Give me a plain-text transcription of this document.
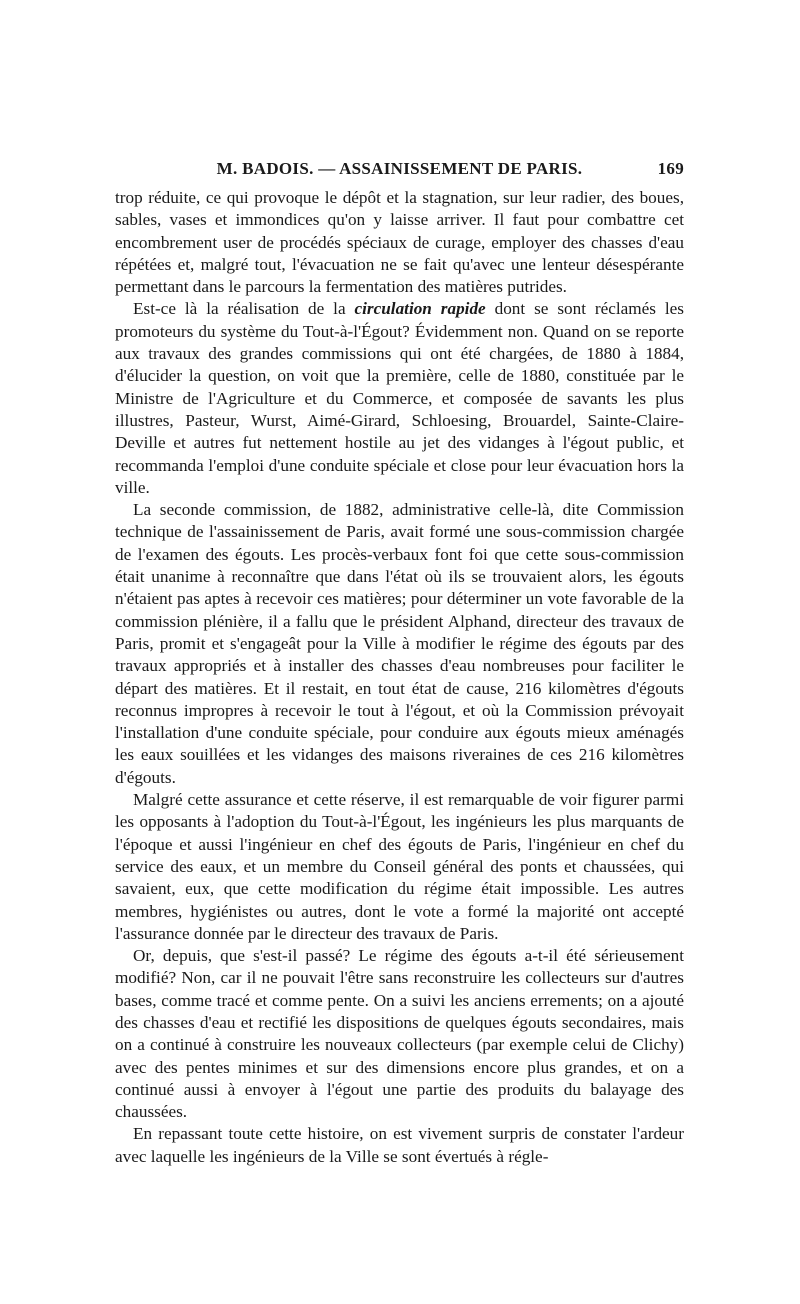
M. BADOIS. — ASSAINISSEMENT DE PARIS.	169

trop réduite, ce qui provoque le dépôt et la stagnation, sur leur radier, des boues, sables, vases et immondices qu'on y laisse arriver. Il faut pour combattre cet encombrement user de procédés spéciaux de curage, employer des chasses d'eau répétées et, malgré tout, l'évacuation ne se fait qu'avec une lenteur désespérante permettant dans le parcours la fermentation des matières putrides.

Est-ce là la réalisation de la circulation rapide dont se sont réclamés les promoteurs du système du Tout-à-l'Égout? Évidemment non. Quand on se reporte aux travaux des grandes commissions qui ont été chargées, de 1880 à 1884, d'élucider la question, on voit que la première, celle de 1880, constituée par le Ministre de l'Agriculture et du Commerce, et composée de savants les plus illustres, Pasteur, Wurst, Aimé-Girard, Schloesing, Brouardel, Sainte-Claire-Deville et autres fut nettement hostile au jet des vidanges à l'égout public, et recommanda l'emploi d'une conduite spéciale et close pour leur évacuation hors la ville.

La seconde commission, de 1882, administrative celle-là, dite Commission technique de l'assainissement de Paris, avait formé une sous-commission chargée de l'examen des égouts. Les procès-verbaux font foi que cette sous-commission était unanime à reconnaître que dans l'état où ils se trouvaient alors, les égouts n'étaient pas aptes à recevoir ces matières; pour déterminer un vote favorable de la commission plénière, il a fallu que le président Alphand, directeur des travaux de Paris, promit et s'engageât pour la Ville à modifier le régime des égouts par des travaux appropriés et à installer des chasses d'eau nombreuses pour faciliter le départ des matières. Et il restait, en tout état de cause, 216 kilomètres d'égouts reconnus impropres à recevoir le tout à l'égout, et où la Commission prévoyait l'installation d'une conduite spéciale, pour conduire aux égouts mieux aménagés les eaux souillées et les vidanges des maisons riveraines de ces 216 kilomètres d'égouts.

Malgré cette assurance et cette réserve, il est remarquable de voir figurer parmi les opposants à l'adoption du Tout-à-l'Égout, les ingénieurs les plus marquants de l'époque et aussi l'ingénieur en chef des égouts de Paris, l'ingénieur en chef du service des eaux, et un membre du Conseil général des ponts et chaussées, qui savaient, eux, que cette modification du régime était impossible. Les autres membres, hygiénistes ou autres, dont le vote a formé la majorité ont accepté l'assurance donnée par le directeur des travaux de Paris.

Or, depuis, que s'est-il passé? Le régime des égouts a-t-il été sérieusement modifié? Non, car il ne pouvait l'être sans reconstruire les collecteurs sur d'autres bases, comme tracé et comme pente. On a suivi les anciens errements; on a ajouté des chasses d'eau et rectifié les dispositions de quelques égouts secondaires, mais on a continué à construire les nouveaux collecteurs (par exemple celui de Clichy) avec des pentes minimes et sur des dimensions encore plus grandes, et on a continué aussi à envoyer à l'égout une partie des produits du balayage des chaussées.

En repassant toute cette histoire, on est vivement surpris de constater l'ardeur avec laquelle les ingénieurs de la Ville se sont évertués à régle-
